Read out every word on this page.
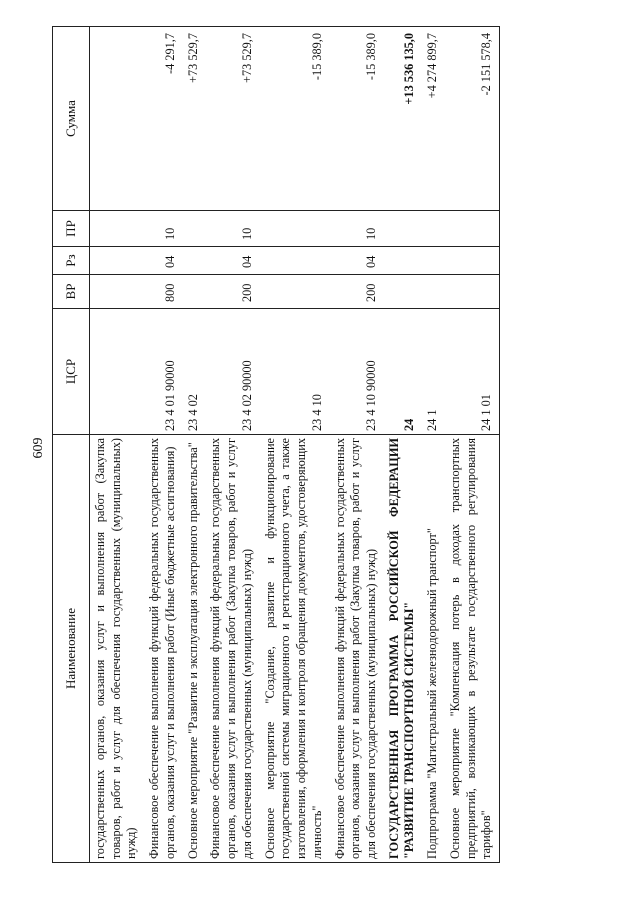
609
Наименование	ЦСР	ВР	Рз	ПР	Сумма
государственных органов, оказания услуг и выполнения работ (Закупка товаров, работ и услуг для обеспечения государственных (муниципальных) нужд)					
Финансовое обеспечение выполнения функций федеральных государственных органов, оказания услуг и выполнения работ (Иные бюджетные ассигнования)	23 4 01 90000	800	04	10	-4 291,7
Основное мероприятие "Развитие и эксплуатация электронного правительства"	23 4 02				+73 529,7
Финансовое обеспечение выполнения функций федеральных государственных органов, оказания услуг и выполнения работ (Закупка товаров, работ и услуг для обеспечения государственных (муниципальных) нужд)	23 4 02 90000	200	04	10	+73 529,7
Основное мероприятие "Создание, развитие и функционирование государственной системы миграционного и регистрационного учета, а также изготовления, оформления и контроля обращения документов, удостоверяющих личность"	23 4 10				-15 389,0
Финансовое обеспечение выполнения функций федеральных государственных органов, оказания услуг и выполнения работ (Закупка товаров, работ и услуг для обеспечения государственных (муниципальных) нужд)	23 4 10 90000	200	04	10	-15 389,0
ГОСУДАРСТВЕННАЯ ПРОГРАММА РОССИЙСКОЙ ФЕДЕРАЦИИ "РАЗВИТИЕ ТРАНСПОРТНОЙ СИСТЕМЫ"	24				+13 536 135,0
Подпрограмма "Магистральный железнодорожный транспорт"	24 1				+4 274 899,7
Основное мероприятие "Компенсация потерь в доходах транспортных предприятий, возникающих в результате государственного регулирования тарифов"	24 1 01				-2 151 578,4
